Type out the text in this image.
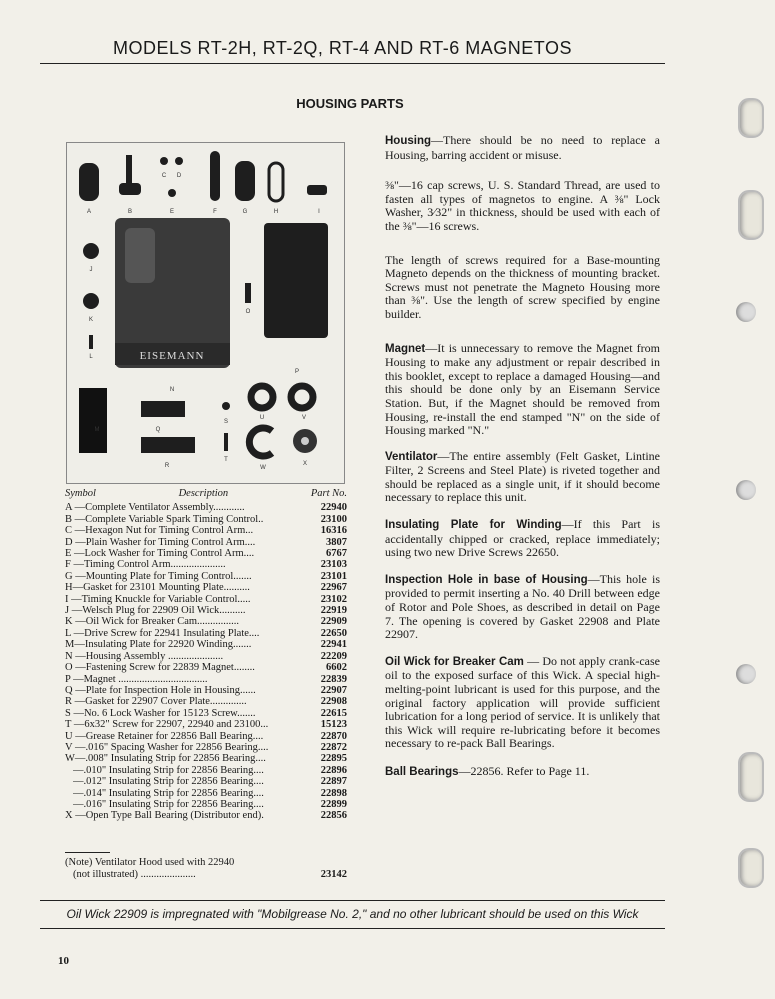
MODELS RT-2H, RT-2Q, RT-4 AND RT-6 MAGNETOS
HOUSING PARTS
A	B
C D
E	F	G	H	I
J
K
L
M
N
O
P
Q
R
S
T
U	V
W
X
EISEMANN
Symbol	Description	Part No.
A —Complete Ventilator Assembly............	22940
B —Complete Variable Spark Timing Control..	23100
C —Hexagon Nut for Timing Control Arm...	16316
D —Plain Washer for Timing Control Arm....	3807
E —Lock Washer for Timing Control Arm....	6767
F —Timing Control Arm.....................	23103
G —Mounting Plate for Timing Control.......	23101
H—Gasket for 23101 Mounting Plate..........	22967
I —Timing Knuckle for Variable Control.....	23102
J —Welsch Plug for 22909 Oil Wick..........	22919
K —Oil Wick for Breaker Cam................	22909
L —Drive Screw for 22941 Insulating Plate....	22650
M—Insulating Plate for 22920 Winding.......	22941
N —Housing Assembly .....................	22209
O —Fastening Screw for 22839 Magnet........	6602
P —Magnet ..................................	22839
Q —Plate for Inspection Hole in Housing......	22907
R —Gasket for 22907 Cover Plate..............	22908
S —No. 6 Lock Washer for 15123 Screw.......	22615
T —6x32" Screw for 22907, 22940 and 23100...	15123
U —Grease Retainer for 22856 Ball Bearing....	22870
V —.016" Spacing Washer for 22856 Bearing....	22872
W—.008" Insulating Strip for 22856 Bearing....	22895
—.010" Insulating Strip for 22856 Bearing....	22896
—.012" Insulating Strip for 22856 Bearing....	22897
—.014" Insulating Strip for 22856 Bearing....	22898
—.016" Insulating Strip for 22856 Bearing....	22899
X —Open Type Ball Bearing (Distributor end).	22856
(Note) Ventilator Hood used with 22940
(not illustrated) .....................	23142

Housing—There should be no need to replace a Housing, barring accident or misuse.

⅜"—16 cap screws, U. S. Standard Thread, are used to fasten all types of magnetos to engine. A ⅜" Lock Washer, 3⁄32" in thickness, should be used with each of the ⅜"—16 screws.

The length of screws required for a Base-mounting Magneto depends on the thickness of mounting bracket. Screws must not penetrate the Magneto Housing more than ⅜". Use the length of screw specified by engine builder.

Magnet—It is unnecessary to remove the Magnet from Housing to make any adjustment or repair described in this booklet, except to replace a damaged Housing—and this should be done only by an Eisemann Service Station. But, if the Magnet should be removed from Housing, re-install the end stamped "N" on the side of Housing marked "N."

Ventilator—The entire assembly (Felt Gasket, Lintine Filter, 2 Screens and Steel Plate) is riveted together and should be replaced as a single unit, if it should become necessary to replace this unit.

Insulating Plate for Winding—If this Part is accidentally chipped or cracked, replace immediately; using two new Drive Screws 22650.

Inspection Hole in base of Housing—This hole is provided to permit inserting a No. 40 Drill between edge of Rotor and Pole Shoes, as described in detail on Page 7. The opening is covered by Gasket 22908 and Plate 22907.

Oil Wick for Breaker Cam — Do not apply crank-case oil to the exposed surface of this Wick. A special high-melting-point lubricant is used for this purpose, and the original factory application will provide sufficient lubrication for a long period of service. It is unlikely that this Wick will require re-lubricating before it becomes necessary to re-pack Ball Bearings.

Ball Bearings—22856. Refer to Page 11.

Oil Wick 22909 is impregnated with "Mobilgrease No. 2," and no other lubricant should be used on this Wick
10
